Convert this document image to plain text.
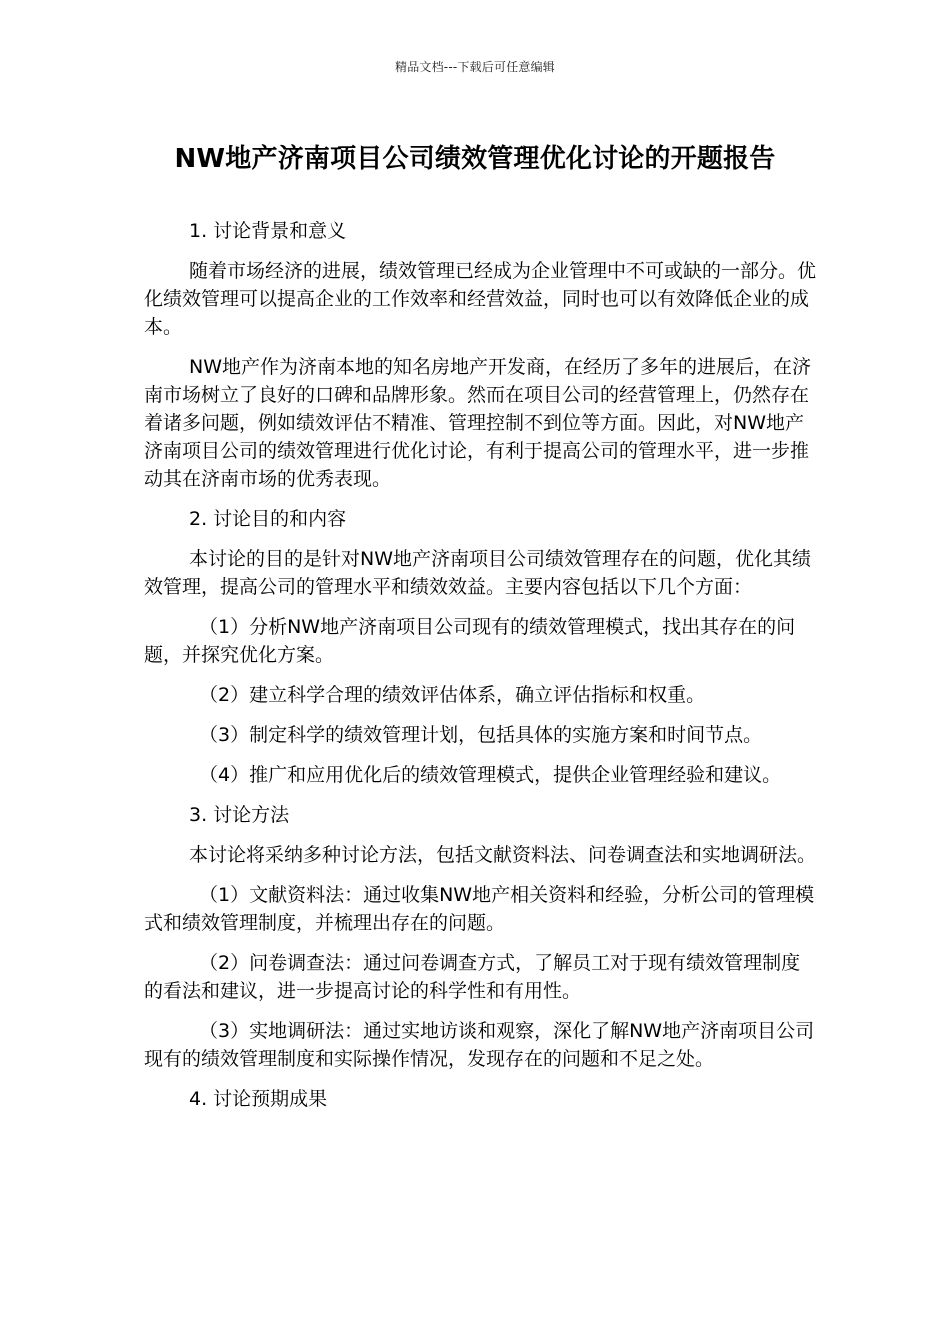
精品文档---下载后可任意编辑
NW地产济南项目公司绩效管理优化讨论的开题报告

1. 讨论背景和意义

随着市场经济的进展，绩效管理已经成为企业管理中不可或缺的一部分。优化绩效管理可以提高企业的工作效率和经营效益，同时也可以有效降低企业的成本。

NW地产作为济南本地的知名房地产开发商，在经历了多年的进展后，在济南市场树立了良好的口碑和品牌形象。然而在项目公司的经营管理上，仍然存在着诸多问题，例如绩效评估不精准、管理控制不到位等方面。因此，对NW地产济南项目公司的绩效管理进行优化讨论，有利于提高公司的管理水平，进一步推动其在济南市场的优秀表现。

2. 讨论目的和内容

本讨论的目的是针对NW地产济南项目公司绩效管理存在的问题，优化其绩效管理，提高公司的管理水平和绩效效益。主要内容包括以下几个方面：

（1）分析NW地产济南项目公司现有的绩效管理模式，找出其存在的问题，并探究优化方案。

（2）建立科学合理的绩效评估体系，确立评估指标和权重。

（3）制定科学的绩效管理计划，包括具体的实施方案和时间节点。

（4）推广和应用优化后的绩效管理模式，提供企业管理经验和建议。

3. 讨论方法

本讨论将采纳多种讨论方法，包括文献资料法、问卷调查法和实地调研法。

（1）文献资料法：通过收集NW地产相关资料和经验，分析公司的管理模式和绩效管理制度，并梳理出存在的问题。

（2）问卷调查法：通过问卷调查方式，了解员工对于现有绩效管理制度的看法和建议，进一步提高讨论的科学性和有用性。

（3）实地调研法：通过实地访谈和观察，深化了解NW地产济南项目公司现有的绩效管理制度和实际操作情况，发现存在的问题和不足之处。

4. 讨论预期成果
